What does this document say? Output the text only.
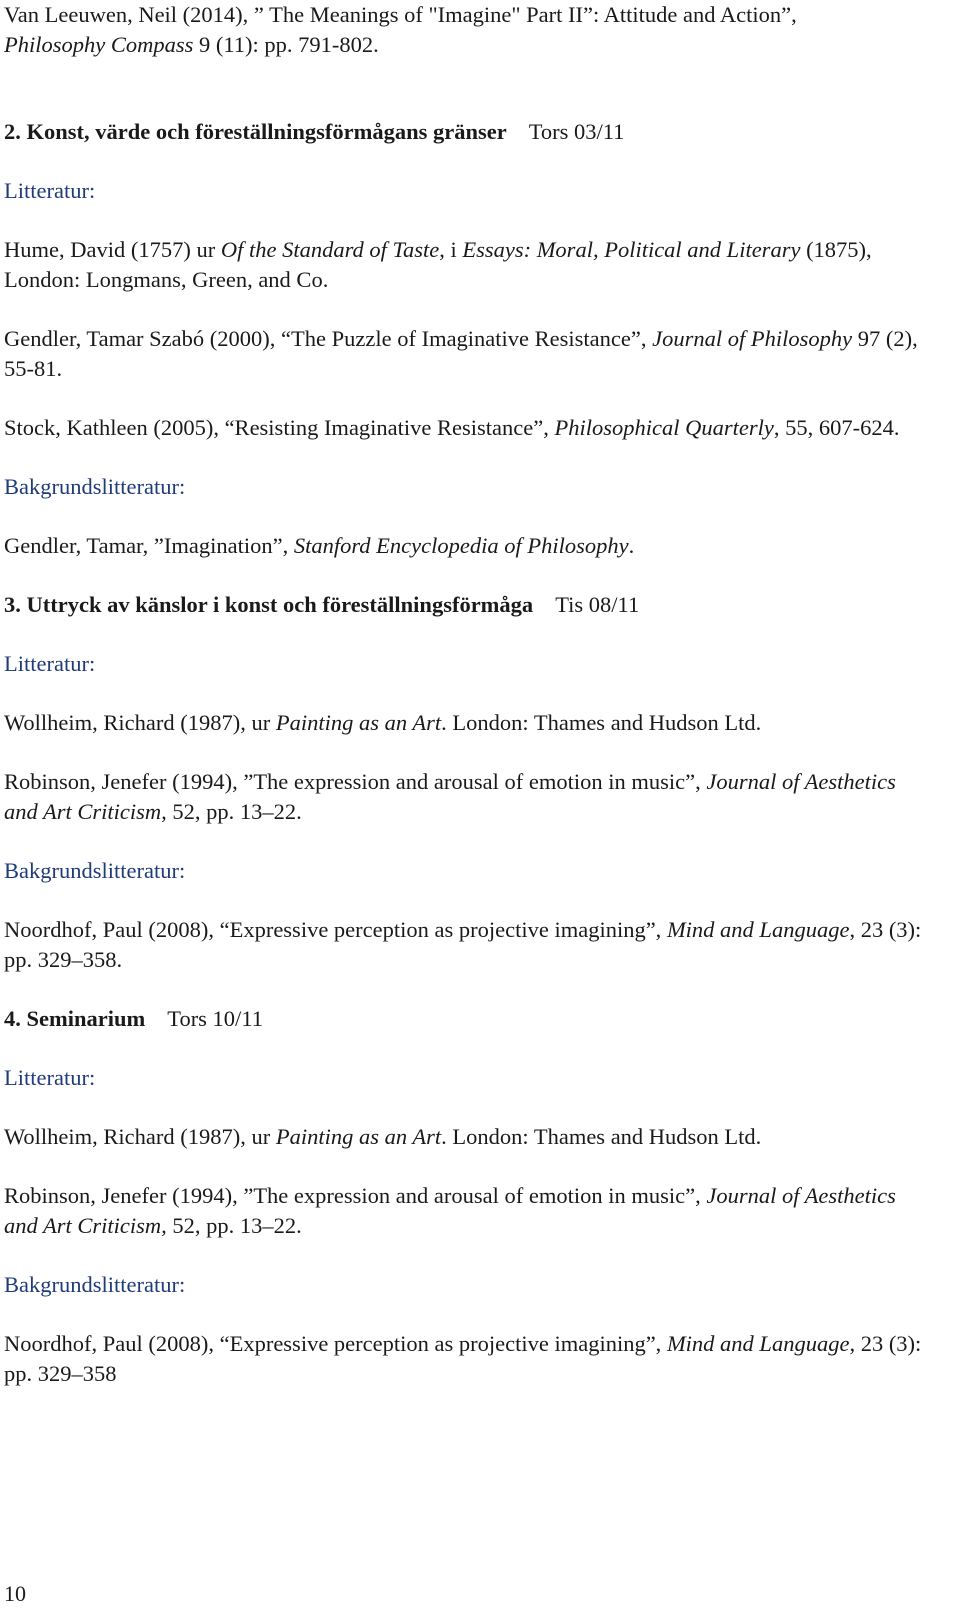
Van Leeuwen, Neil (2014), ” The Meanings of "Imagine" Part II”: Attitude and Action”,
Philosophy Compass 9 (11): pp. 791-802.

2. Konst, värde och föreställningsförmågans gränser Tors 03/11

Litteratur:

Hume, David (1757) ur Of the Standard of Taste, i Essays: Moral, Political and Literary (1875), London: Longmans, Green, and Co.

Gendler, Tamar Szabó (2000), “The Puzzle of Imaginative Resistance”, Journal of Philosophy 97 (2), 55-81.

Stock, Kathleen (2005), “Resisting Imaginative Resistance”, Philosophical Quarterly, 55, 607-624.

Bakgrundslitteratur:

Gendler, Tamar, ”Imagination”, Stanford Encyclopedia of Philosophy.

3. Uttryck av känslor i konst och föreställningsförmåga Tis 08/11

Litteratur:

Wollheim, Richard (1987), ur Painting as an Art. London: Thames and Hudson Ltd.

Robinson, Jenefer (1994), ”The expression and arousal of emotion in music”, Journal of Aesthetics and Art Criticism, 52, pp. 13–22.

Bakgrundslitteratur:

Noordhof, Paul (2008), “Expressive perception as projective imagining”, Mind and Language, 23 (3): pp. 329–358.

4. Seminarium Tors 10/11

Litteratur:

Wollheim, Richard (1987), ur Painting as an Art. London: Thames and Hudson Ltd.

Robinson, Jenefer (1994), ”The expression and arousal of emotion in music”, Journal of Aesthetics and Art Criticism, 52, pp. 13–22.

Bakgrundslitteratur:

Noordhof, Paul (2008), “Expressive perception as projective imagining”, Mind and Language, 23 (3): pp. 329–358

10
